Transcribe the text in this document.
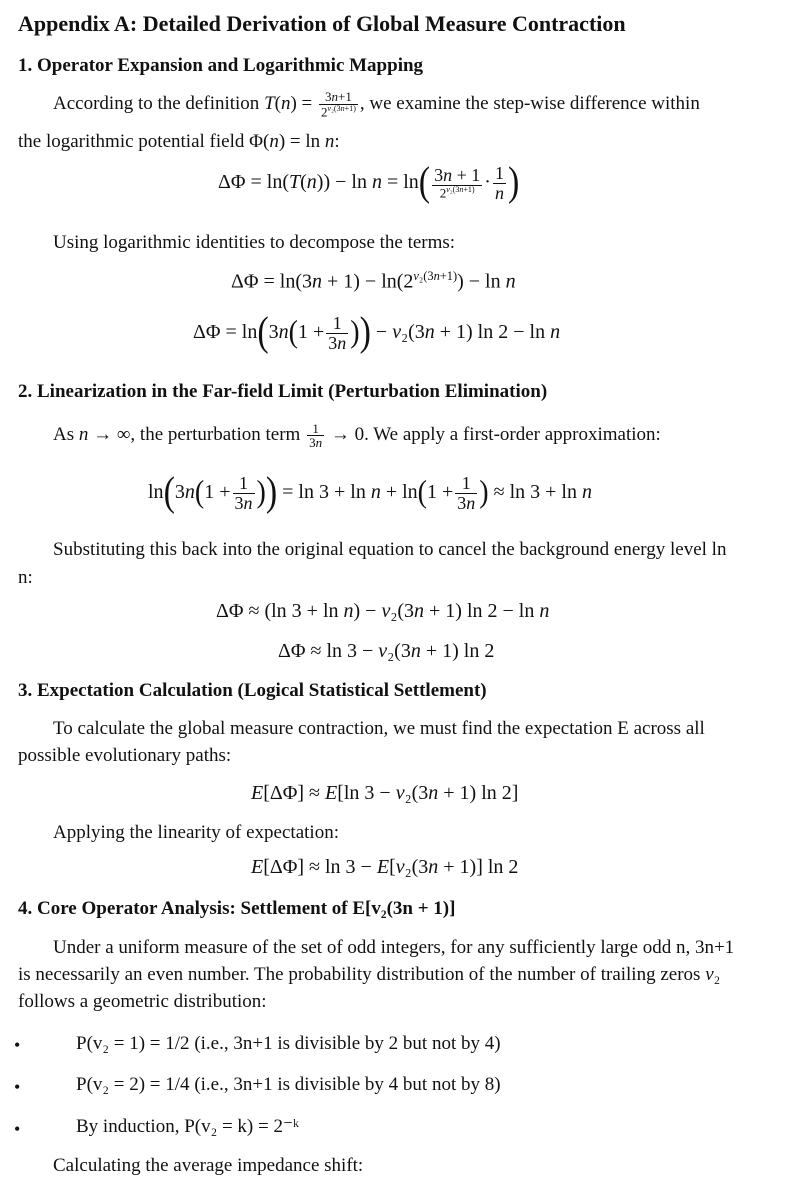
Appendix A: Detailed Derivation of Global Measure Contraction
1. Operator Expansion and Logarithmic Mapping
According to the definition $T(n) = \frac{3n+1}{2^{v_2(3n+1)}}$ , we examine the step-wise difference within
the logarithmic potential field Φ(n) = ln n:
$\Delta\Phi = \ln(T(n)) - \ln n = \ln( \frac{3n + 1}{2^{v_2(3n+1)}} \cdot \frac{1}{n}$ )
Using logarithmic identities to decompose the terms:
$\Delta\Phi = \ln(3n + 1) - \ln(2^{v_2(3n+1)}) - \ln n$
$\Delta\Phi = \ln(3n(1 + \frac{1}{3n}$ )) − v₂(3n + 1) ln 2 − ln n
2. Linearization in the Far-field Limit (Perturbation Elimination)
As n → ∞, the perturbation term $\frac{1}{3n} \to 0$. We apply a first-order approximation:
$\ln(3n(1 + \frac{1}{3n}$ )) = $\ln 3 + \ln n + \ln(1 + \frac{1}{3n}$ ) ≈ ln 3 + ln n
Substituting this back into the original equation to cancel the background energy level ln
n:
ΔΦ ≈ (ln 3 + ln n) − v₂(3n + 1) ln 2 − ln n
ΔΦ ≈ ln 3 − v₂(3n + 1) ln 2
3. Expectation Calculation (Logical Statistical Settlement)
To calculate the global measure contraction, we must find the expectation E across all
possible evolutionary paths:
E[ΔΦ] ≈ E[ln 3 − v₂(3n + 1) ln 2]
Applying the linearity of expectation:
E[ΔΦ] ≈ ln 3 − E[v₂(3n + 1)] ln 2
4. Core Operator Analysis: Settlement of E[v₂(3n + 1)]
Under a uniform measure of the set of odd integers, for any sufficiently large odd n, 3n+1
is necessarily an even number. The probability distribution of the number of trailing zeros v₂
follows a geometric distribution:
•	P(v₂ = 1) = 1/2 (i.e., 3n+1 is divisible by 2 but not by 4)
•	P(v₂ = 2) = 1/4 (i.e., 3n+1 is divisible by 4 but not by 8)
•	By induction, P(v₂ = k) = 2⁻ᵏ
Calculating the average impedance shift:
